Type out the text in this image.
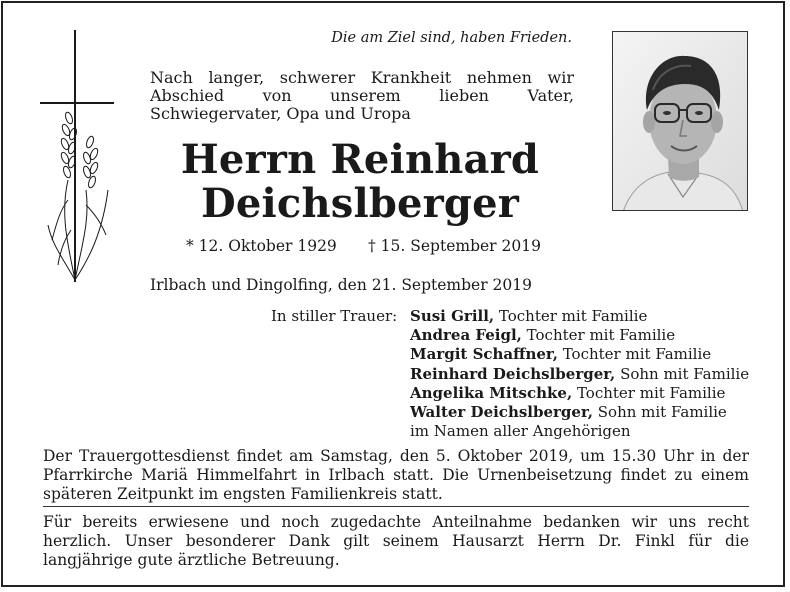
Die am Ziel sind, haben Frieden.
Nach langer, schwerer Krankheit nehmen wir Abschied von unserem lieben Vater, Schwiegervater, Opa und Uropa
Herrn Reinhard
Deichslberger
* 12. Oktober 1929 † 15. September 2019
Irlbach und Dingolfing, den 21. September 2019
In stiller Trauer: Susi Grill, Tochter mit Familie
Andrea Feigl, Tochter mit Familie
Margit Schaffner, Tochter mit Familie
Reinhard Deichslberger, Sohn mit Familie
Angelika Mitschke, Tochter mit Familie
Walter Deichslberger, Sohn mit Familie
im Namen aller Angehörigen
Der Trauergottesdienst findet am Samstag, den 5. Oktober 2019, um 15.30 Uhr in der Pfarrkirche Mariä Himmelfahrt in Irlbach statt. Die Urnenbeisetzung findet zu einem späteren Zeitpunkt im engsten Familienkreis statt.
Für bereits erwiesene und noch zugedachte Anteilnahme bedanken wir uns recht herzlich. Unser besonderer Dank gilt seinem Hausarzt Herrn Dr. Finkl für die langjährige gute ärztliche Betreuung.
